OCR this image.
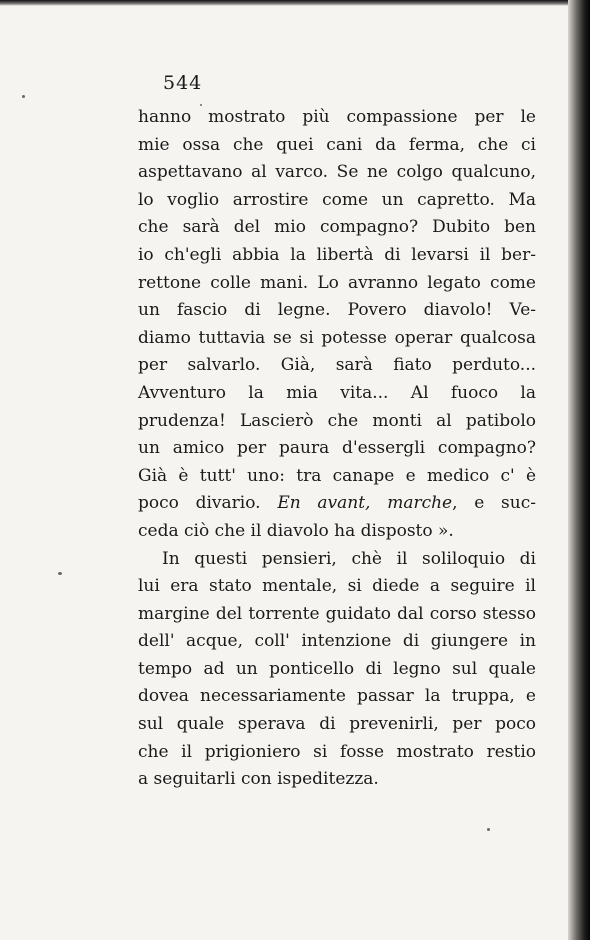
544
hanno mostrato più compassione per le
mie ossa che quei cani da ferma, che ci
aspettavano al varco. Se ne colgo qualcuno,
lo voglio arrostire come un capretto. Ma
che sarà del mio compagno? Dubito ben
io ch'egli abbia la libertà di levarsi il ber-
rettone colle mani. Lo avranno legato come
un fascio di legne. Povero diavolo! Ve-
diamo tuttavia se si potesse operar qualcosa
per salvarlo. Già, sarà fiato perduto...
Avventuro la mia vita... Al fuoco la
prudenza! Lascierò che monti al patibolo
un amico per paura d'essergli compagno?
Già è tutt' uno: tra canape e medico c' è
poco divario. En avant, marche, e suc-
ceda ciò che il diavolo ha disposto ».
In questi pensieri, chè il soliloquio di
lui era stato mentale, si diede a seguire il
margine del torrente guidato dal corso stesso
dell' acque, coll' intenzione di giungere in
tempo ad un ponticello di legno sul quale
dovea necessariamente passar la truppa, e
sul quale sperava di prevenirli, per poco
che il prigioniero si fosse mostrato restio
a seguitarli con ispeditezza.
